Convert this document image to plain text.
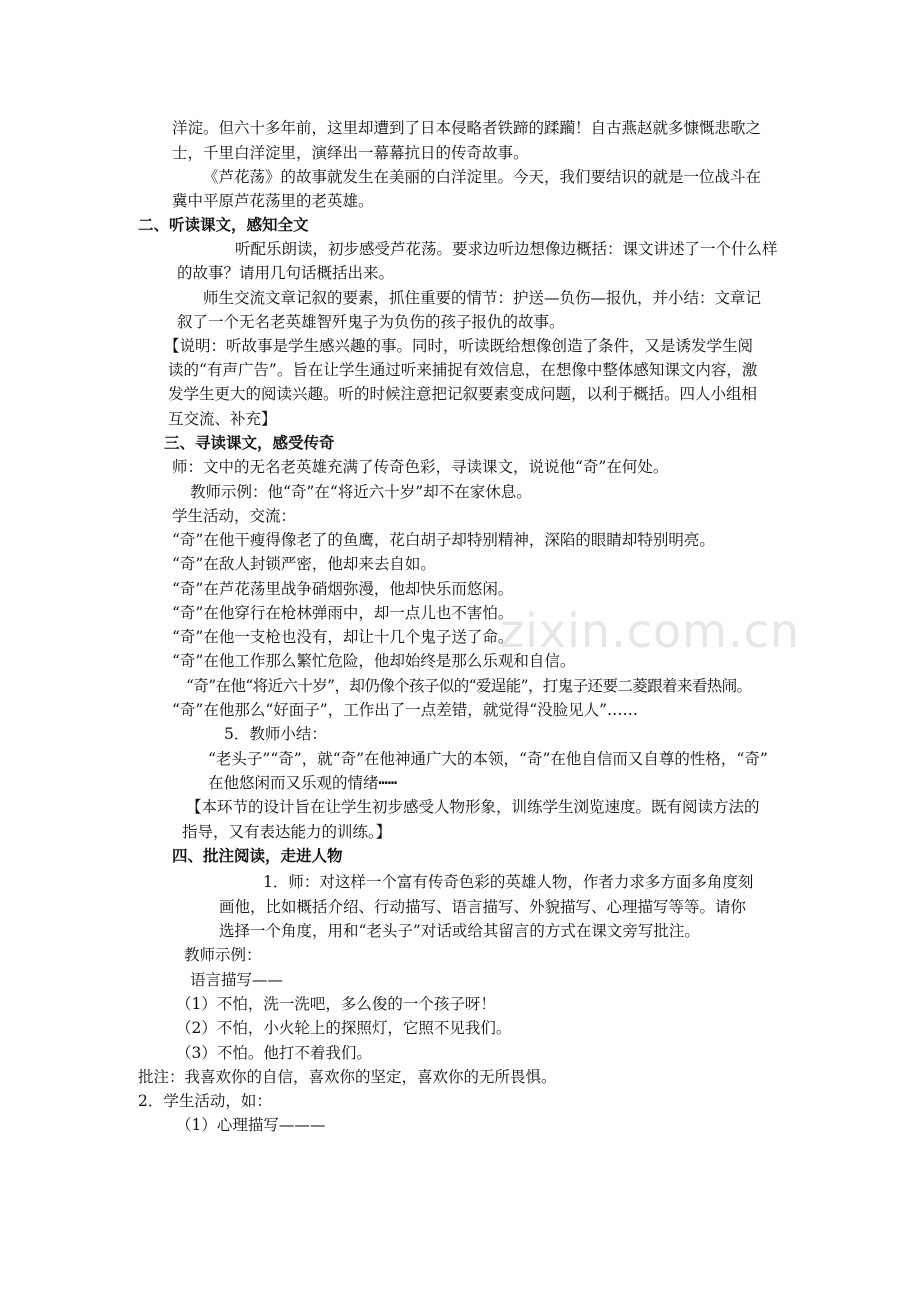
洋淀。但六十多年前，这里却遭到了日本侵略者铁蹄的蹂躏！自古燕赵就多慷慨悲歌之
士，千里白洋淀里，演绎出一幕幕抗日的传奇故事。
《芦花荡》的故事就发生在美丽的白洋淀里。今天，我们要结识的就是一位战斗在
冀中平原芦花荡里的老英雄。
二、听读课文，感知全文
听配乐朗读，初步感受芦花荡。要求边听边想像边概括：课文讲述了一个什么样
的故事？请用几句话概括出来。
师生交流文章记叙的要素，抓住重要的情节：护送—负伤—报仇，并小结：文章记
叙了一个无名老英雄智歼鬼子为负伤的孩子报仇的故事。
【说明：听故事是学生感兴趣的事。同时，听读既给想像创造了条件，又是诱发学生阅
读的“有声广告”。旨在让学生通过听来捕捉有效信息，在想像中整体感知课文内容，激
发学生更大的阅读兴趣。听的时候注意把记叙要素变成问题，以利于概括。四人小组相
互交流、补充】
三、寻读课文，感受传奇
师：文中的无名老英雄充满了传奇色彩，寻读课文，说说他“奇”在何处。
教师示例：他“奇”在“将近六十岁”却不在家休息。
学生活动，交流：
“奇”在他干瘦得像老了的鱼鹰，花白胡子却特别精神，深陷的眼睛却特别明亮。
“奇”在敌人封锁严密，他却来去自如。
“奇”在芦花荡里战争硝烟弥漫，他却快乐而悠闲。
“奇”在他穿行在枪林弹雨中，却一点儿也不害怕。
“奇”在他一支枪也没有，却让十几个鬼子送了命。
“奇”在他工作那么繁忙危险，他却始终是那么乐观和自信。
“奇”在他“将近六十岁”，却仍像个孩子似的“爱逞能”，打鬼子还要二菱跟着来看热闹。
“奇”在他那么“好面子”，工作出了一点差错，就觉得“没脸见人”……
5．教师小结：
“老头子”“奇”，就“奇”在他神通广大的本领，“奇”在他自信而又自尊的性格，“奇”
在他悠闲而又乐观的情绪┅┅
【本环节的设计旨在让学生初步感受人物形象，训练学生浏览速度。既有阅读方法的
指导，又有表达能力的训练。】
四、批注阅读，走进人物
1．师：对这样一个富有传奇色彩的英雄人物，作者力求多方面多角度刻
画他，比如概括介绍、行动描写、语言描写、外貌描写、心理描写等等。请你
选择一个角度，用和“老头子”对话或给其留言的方式在课文旁写批注。
教师示例：
语言描写——
（1）不怕，洗一洗吧，多么俊的一个孩子呀！
（2）不怕，小火轮上的探照灯，它照不见我们。
（3）不怕。他打不着我们。
批注：我喜欢你的自信，喜欢你的坚定，喜欢你的无所畏惧。
2．学生活动，如：
（1）心理描写———
zixin.com.cn
